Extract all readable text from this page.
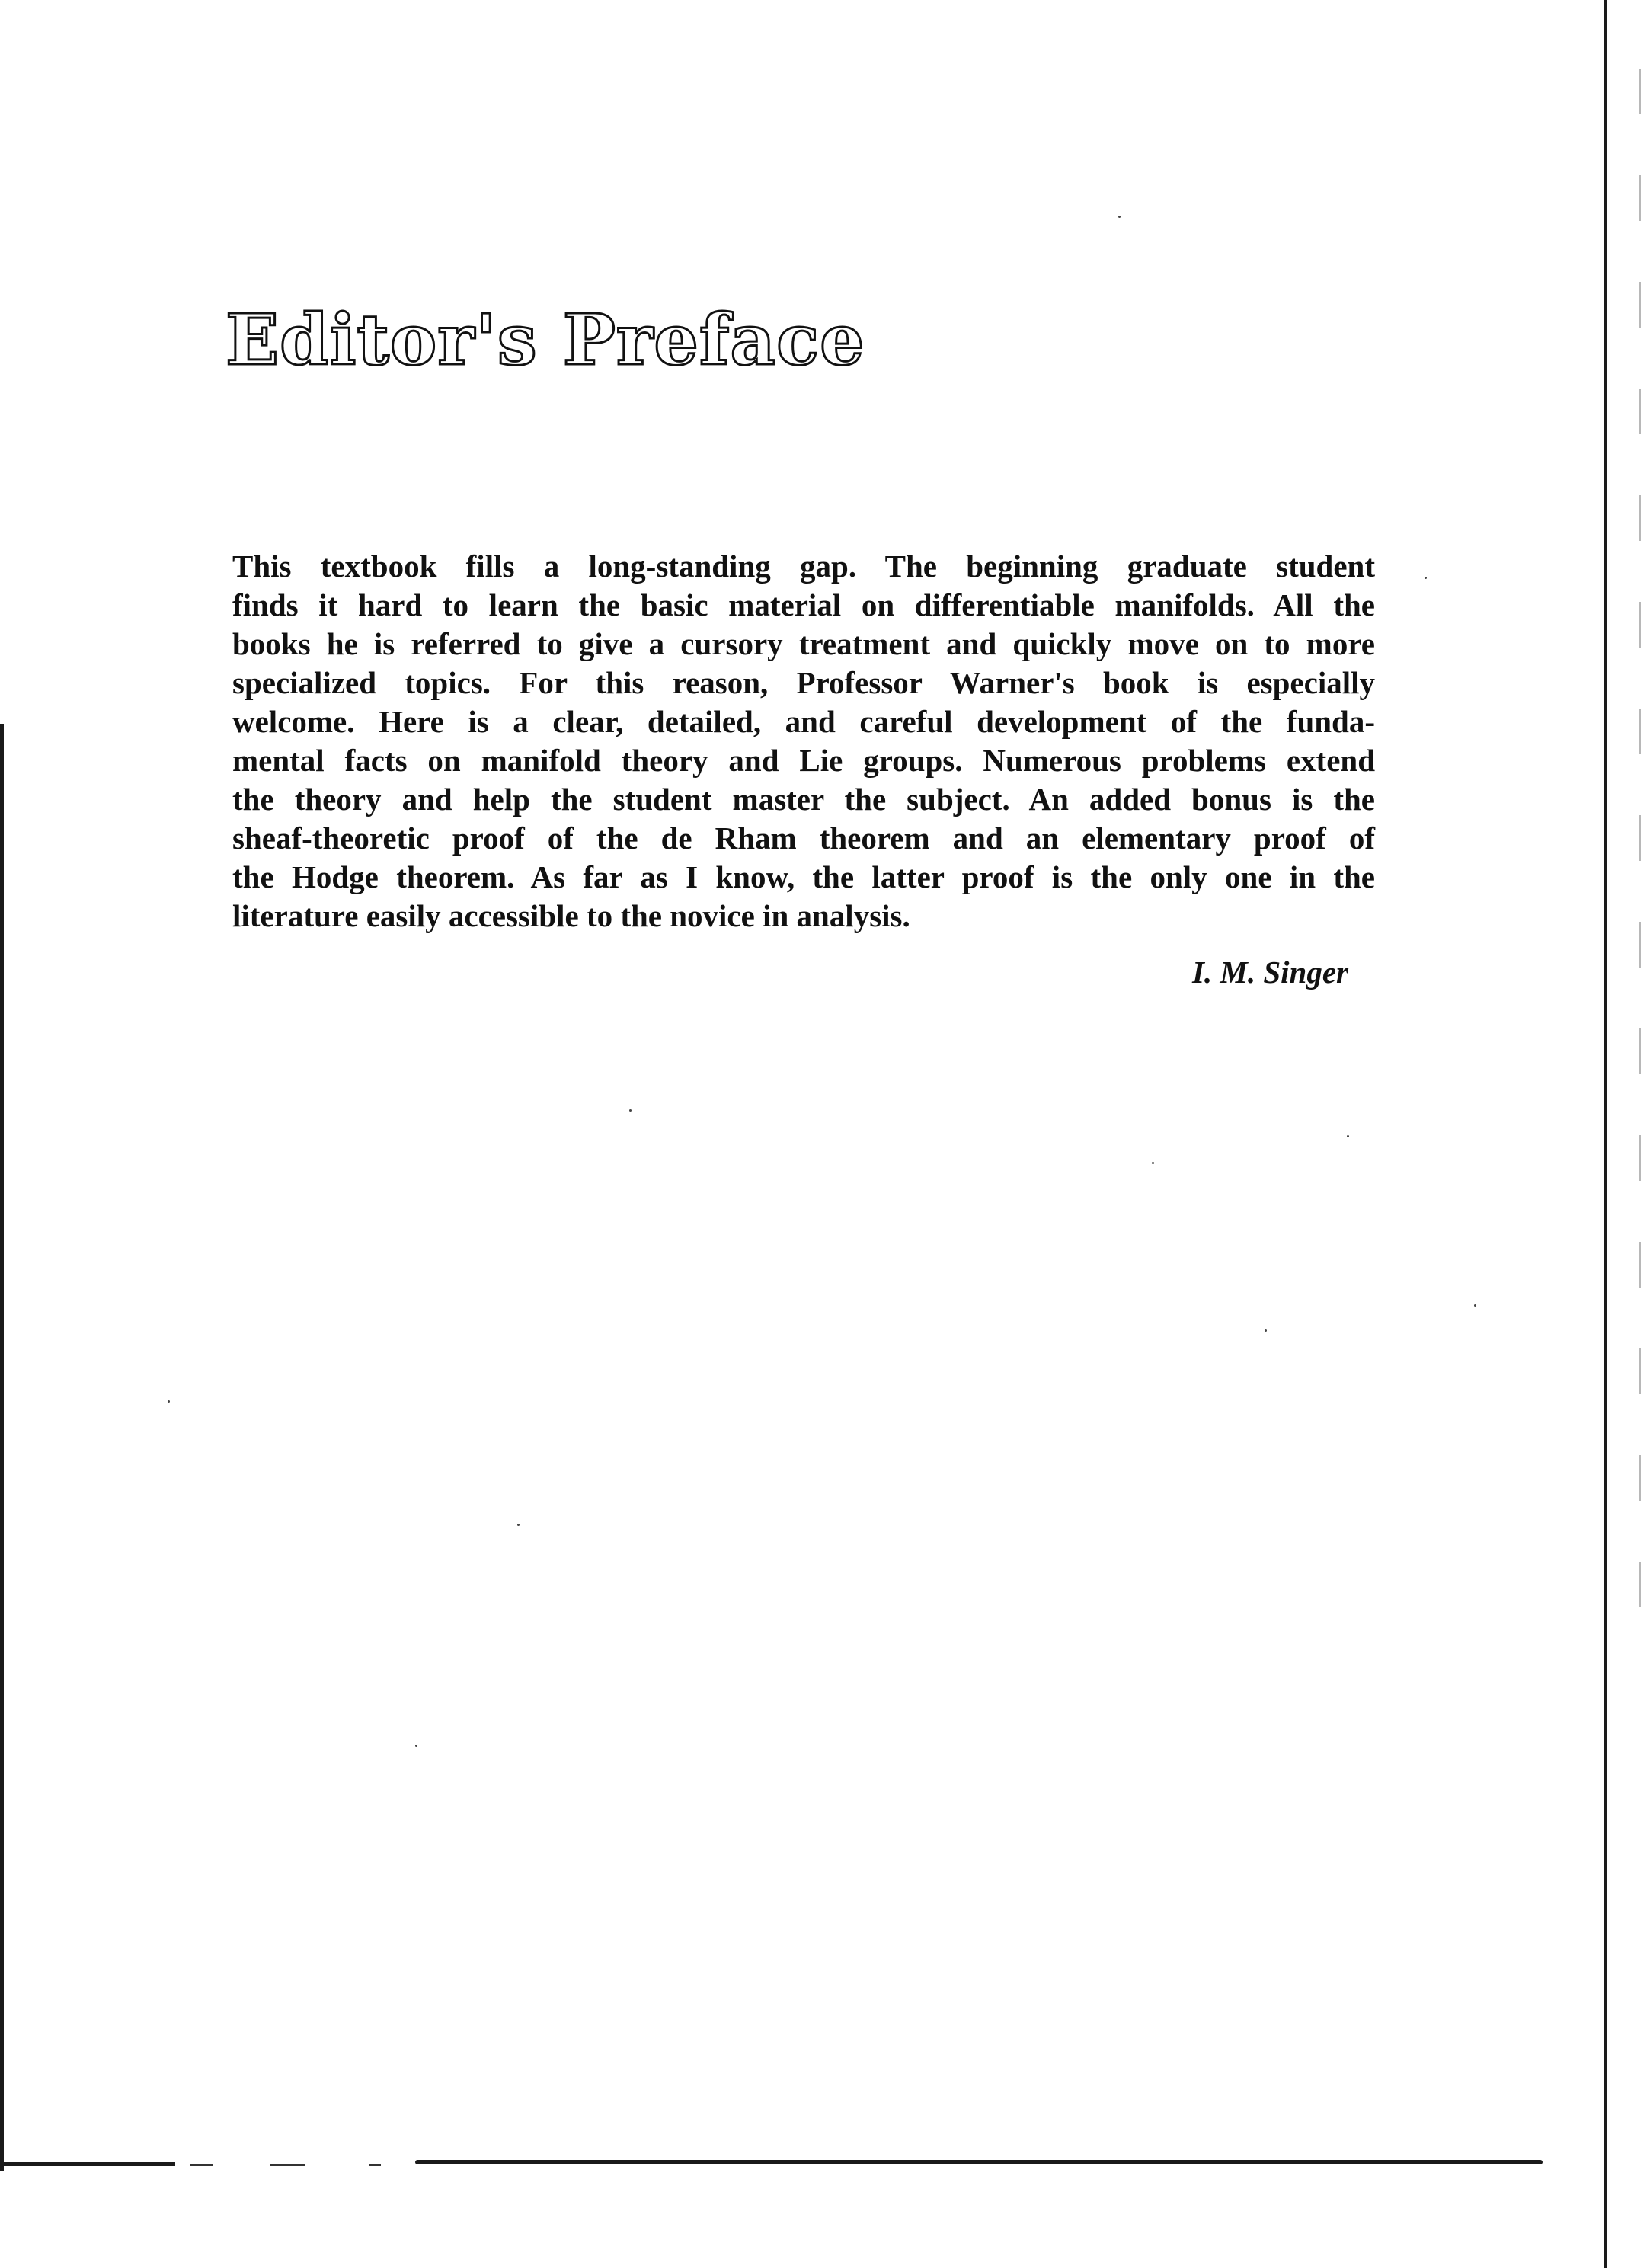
Editor's Preface
This textbook fills a long-standing gap. The beginning graduate student
finds it hard to learn the basic material on differentiable manifolds. All the
books he is referred to give a cursory treatment and quickly move on to more
specialized topics. For this reason, Professor Warner's book is especially
welcome. Here is a clear, detailed, and careful development of the funda-
mental facts on manifold theory and Lie groups. Numerous problems extend
the theory and help the student master the subject. An added bonus is the
sheaf-theoretic proof of the de Rham theorem and an elementary proof of
the Hodge theorem. As far as I know, the latter proof is the only one in the
literature easily accessible to the novice in analysis.
I. M. Singer
